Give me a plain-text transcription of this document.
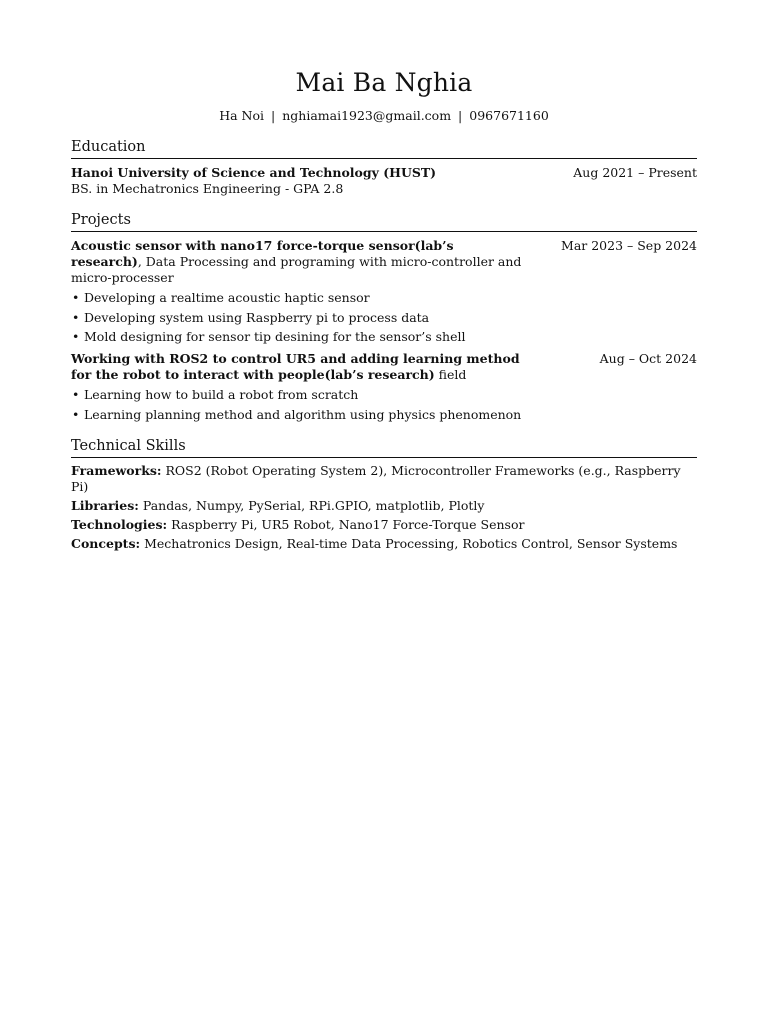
Mai Ba Nghia
Ha Noi | nghiamai1923@gmail.com | 0967671160
Education
Hanoi University of Science and Technology (HUST)	Aug 2021 – Present
BS. in Mechatronics Engineering - GPA 2.8
Projects
Acoustic sensor with nano17 force-torque sensor(lab’s research), Data Processing and programing with micro-controller and micro-processer
Mar 2023 – Sep 2024
• Developing a realtime acoustic haptic sensor
• Developing system using Raspberry pi to process data
• Mold designing for sensor tip desining for the sensor’s shell
Working with ROS2 to control UR5 and adding learning method for the robot to interact with people(lab’s research) field
Aug – Oct 2024
• Learning how to build a robot from scratch
• Learning planning method and algorithm using physics phenomenon
Technical Skills
Frameworks: ROS2 (Robot Operating System 2), Microcontroller Frameworks (e.g., Raspberry Pi)
Libraries: Pandas, Numpy, PySerial, RPi.GPIO, matplotlib, Plotly
Technologies: Raspberry Pi, UR5 Robot, Nano17 Force-Torque Sensor
Concepts: Mechatronics Design, Real-time Data Processing, Robotics Control, Sensor Systems
